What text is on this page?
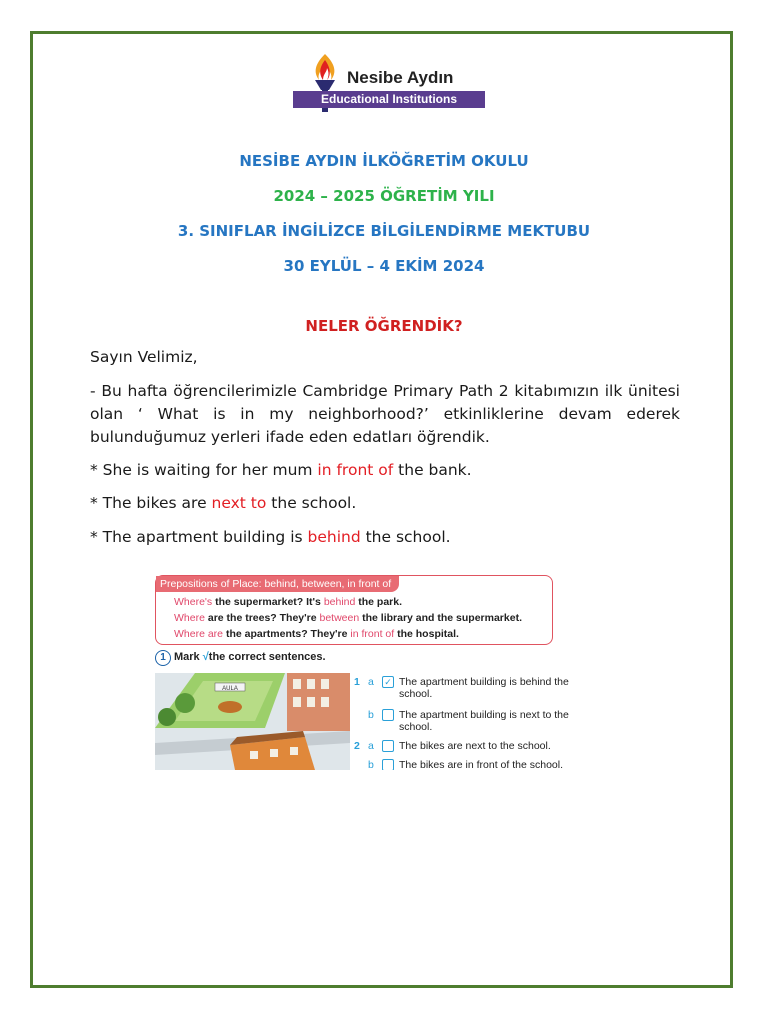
Nesibe Aydın
Educational Institutions
NESİBE AYDIN İLKÖĞRETİM OKULU
2024 – 2025 ÖĞRETİM YILI
3. SINIFLAR İNGİLİZCE BİLGİLENDİRME MEKTUBU
30 EYLÜL – 4 EKİM 2024
NELER ÖĞRENDİK?
Sayın Velimiz,
- Bu hafta öğrencilerimizle Cambridge Primary Path 2 kitabımızın ilk ünitesi olan ‘ What is in my neighborhood?’ etkinliklerine devam ederek bulunduğumuz yerleri ifade eden edatları öğrendik.
* She is waiting for her mum in front of the bank.
* The bikes are next to the school.
* The apartment building is behind the school.
Prepositions of Place: behind, between, in front of
Where's the supermarket? It's behind the park.
Where are the trees? They're between the library and the supermarket.
Where are the apartments? They're in front of the hospital.
1 Mark √the correct sentences.
AULA
1 a ✓ The apartment building is behind the school.
b The apartment building is next to the school.
2 a The bikes are next to the school.
b The bikes are in front of the school.
